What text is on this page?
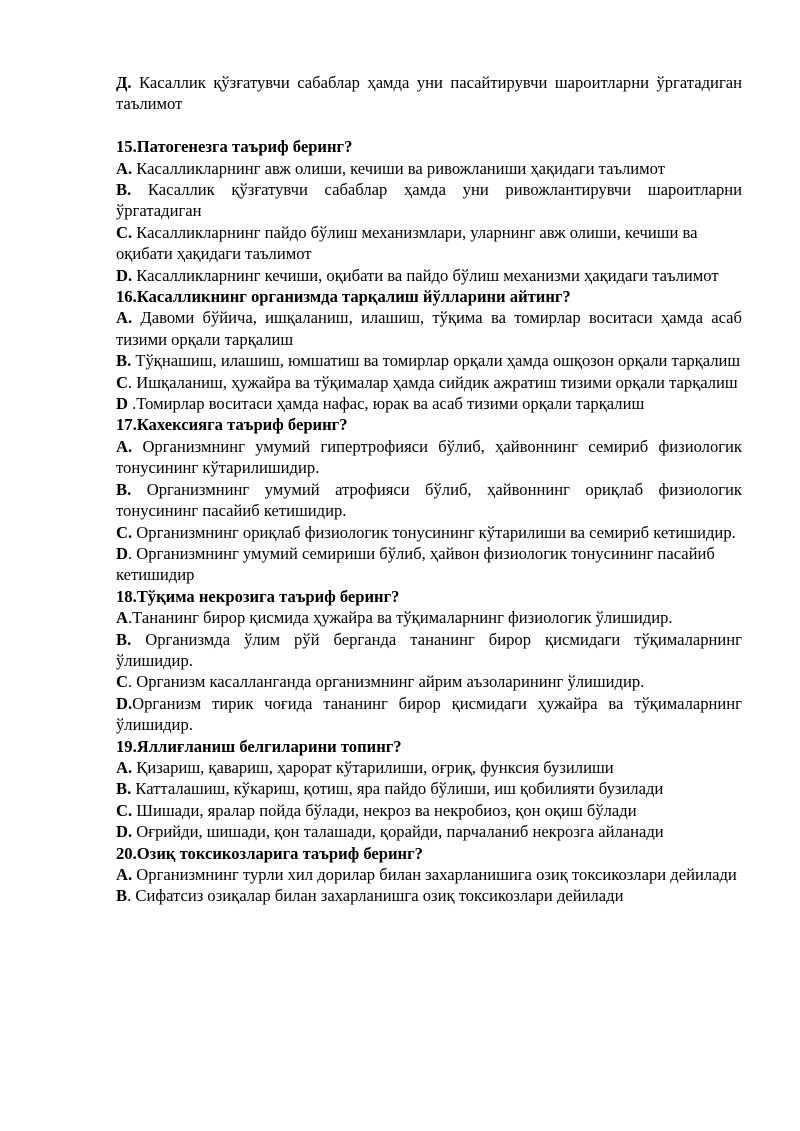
Д. Касаллик қўзғатувчи сабаблар ҳамда уни пасайтирувчи шароитларни ўргатадиган таълимот

15.Патогенезга таъриф беринг?

A. Касалликларнинг авж олиши, кечиши ва ривожланиши ҳақидаги таълимот

B. Касаллик қўзғатувчи сабаблар ҳамда уни ривожлантирувчи шароитларни ўргатадиган

C. Касалликларнинг пайдо бўлиш механизмлари, уларнинг авж олиши, кечиши ва оқибати ҳақидаги таълимот

D. Касалликларнинг кечиши, оқибати ва пайдо бўлиш механизми ҳақидаги таълимот

16.Касалликнинг организмда тарқалиш йўлларини айтинг?

A. Давоми бўйича, ишқаланиш, илашиш, тўқима ва томирлар воситаси ҳамда асаб тизими орқали тарқалиш

B. Тўқнашиш, илашиш, юмшатиш ва томирлар орқали ҳамда ошқозон орқали тарқалиш

C. Ишқаланиш, ҳужайра ва тўқималар ҳамда сийдик ажратиш тизими орқали тарқалиш

D .Томирлар воситаси ҳамда нафас, юрак ва асаб тизими орқали тарқалиш

17.Кахексияга таъриф беринг?

A. Организмнинг умумий гипертрофияси бўлиб, ҳайвоннинг семириб физиологик тонусининг кўтарилишидир.

B. Организмнинг умумий атрофияси бўлиб, ҳайвоннинг ориқлаб физиологик тонусининг пасайиб кетишидир.

C. Организмнинг ориқлаб физиологик тонусининг кўтарилиши ва семириб кетишидир.

D. Организмнинг умумий семириши бўлиб, ҳайвон физиологик тонусининг пасайиб кетишидир

18.Тўқима некрозига таъриф беринг?

A.Тананинг бирор қисмида ҳужайра ва тўқималарнинг физиологик ўлишидир.

B. Организмда ўлим рўй берганда тананинг бирор қисмидаги тўқималарнинг ўлишидир.

C. Организм касалланганда организмнинг айрим аъзоларининг ўлишидир.

D.Организм тирик чоғида тананинг бирор қисмидаги ҳужайра ва тўқималарнинг ўлишидир.

19.Яллиғланиш белгиларини топинг?

A. Қизариш, қавариш, ҳарорат кўтарилиши, оғриқ, функсия бузилиши

B. Катталашиш, кўкариш, қотиш, яра пайдо бўлиши, иш қобилияти бузилади

C. Шишади, яралар пойда бўлади, некроз ва некробиоз, қон оқиш бўлади

D. Оғрийди, шишади, қон талашади, қорайди, парчаланиб некрозга айланади

20.Озиқ токсикозларига таъриф беринг?

A. Организмнинг турли хил дорилар билан захарланишига озиқ токсикозлари дейилади

B. Сифатсиз озиқалар билан захарланишга озиқ токсикозлари дейилади
